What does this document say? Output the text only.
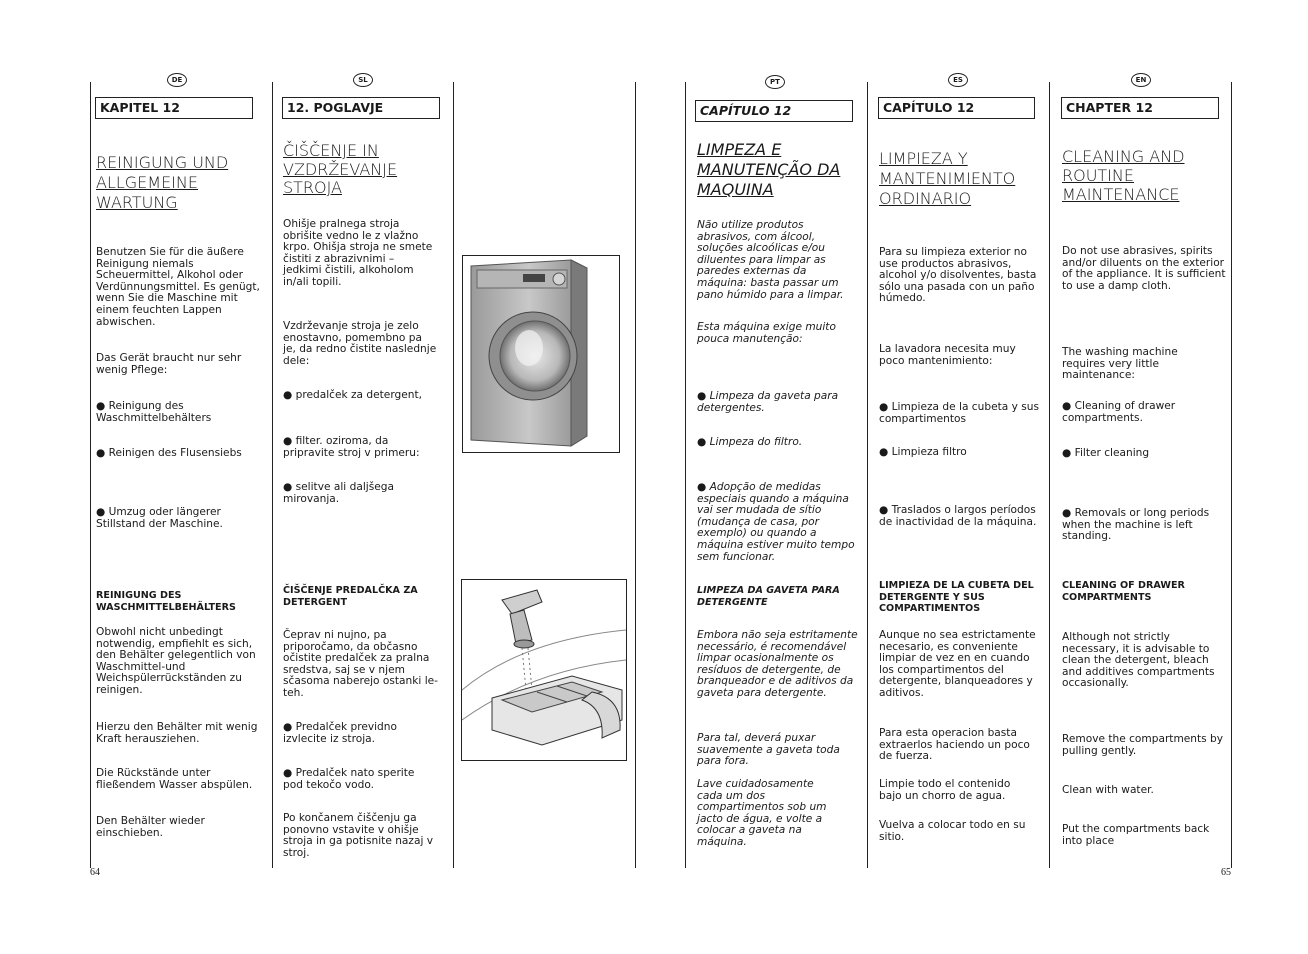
64	65
DE
KAPITEL 12
REINIGUNG UND ALLGEMEINE WARTUNG
Benutzen Sie für die äußere Reinigung niemals Scheuermittel, Alkohol oder Verdünnungsmittel. Es genügt, wenn Sie die Maschine mit einem feuchten Lappen abwischen.
Das Gerät braucht nur sehr wenig Pflege:
● Reinigung des Waschmittelbehälters
● Reinigen des Flusensiebs
● Umzug oder längerer Stillstand der Maschine.
REINIGUNG DES WASCHMITTELBEHÄLTERS
Obwohl nicht unbedingt notwendig, empfiehlt es sich, den Behälter gelegentlich von Waschmittel-und Weichspülerrückständen zu reinigen.
Hierzu den Behälter mit wenig Kraft herausziehen.
Die Rückstände unter fließendem Wasser abspülen.
Den Behälter wieder einschieben.
SL
12. POGLAVJE
ČIŠČENJE IN VZDRŽEVANJE STROJA
Ohišje pralnega stroja obrišite vedno le z vlažno krpo. Ohišja stroja ne smete čistiti z abrazivnimi – jedkimi čistili, alkoholom in/ali topili.
Vzdrževanje stroja je zelo enostavno, pomembno pa je, da redno čistite naslednje dele:
● predalček za detergent,
● filter. oziroma, da pripravite stroj v primeru:
● selitve ali daljšega mirovanja.
ČIŠČENJE PREDALČKA ZA DETERGENT
Čeprav ni nujno, pa priporočamo, da občasno očistite predalček za pralna sredstva, saj se v njem sčasoma naberejo ostanki le-teh.
● Predalček previdno izvlecite iz stroja.
● Predalček nato sperite pod tekočo vodo.
Po končanem čiščenju ga ponovno vstavite v ohišje stroja in ga potisnite nazaj v stroj.
PT
CAPÍTULO 12
LIMPEZA E MANUTENÇÃO DA MAQUINA
Não utilize produtos abrasivos, com álcool, soluções alcoólicas e/ou diluentes para limpar as paredes externas da máquina: basta passar um pano húmido para a limpar.
Esta máquina exige muito pouca manutenção:
● Limpeza da gaveta para detergentes.
● Limpeza do filtro.
● Adopção de medidas especiais quando a máquina vai ser mudada de sítio (mudança de casa, por exemplo) ou quando a máquina estiver muito tempo sem funcionar.
LIMPEZA DA GAVETA PARA DETERGENTE
Embora não seja estritamente necessário, é recomendável limpar ocasionalmente os resíduos de detergente, de branqueador e de aditivos da gaveta para detergente.
Para tal, deverá puxar suavemente a gaveta toda para fora.
Lave cuidadosamente cada um dos compartimentos sob um jacto de água, e volte a colocar a gaveta na máquina.
ES
CAPÍTULO 12
LIMPIEZA Y MANTENIMIENTO ORDINARIO
Para su limpieza exterior no use productos abrasivos, alcohol y/o disolventes, basta sólo una pasada con un paño húmedo.
La lavadora necesita muy poco mantenimiento:
● Limpieza de la cubeta y sus compartimentos
● Limpieza filtro
● Traslados o largos períodos de inactividad de la máquina.
LIMPIEZA DE LA CUBETA DEL DETERGENTE Y SUS COMPARTIMENTOS
Aunque no sea estrictamente necesario, es conveniente limpiar de vez en en cuando los compartimentos del detergente, blanqueadores y aditivos.
Para esta operacion basta extraerlos haciendo un poco de fuerza.
Limpie todo el contenido bajo un chorro de agua.
Vuelva a colocar todo en su sitio.
EN
CHAPTER 12
CLEANING AND ROUTINE MAINTENANCE
Do not use abrasives, spirits and/or diluents on the exterior of the appliance. It is sufficient to use a damp cloth.
The washing machine requires very little maintenance:
● Cleaning of drawer compartments.
● Filter cleaning
● Removals or long periods when the machine is left standing.
CLEANING OF DRAWER COMPARTMENTS
Although not strictly necessary, it is advisable to clean the detergent, bleach and additives compartments occasionally.
Remove the compartments by pulling gently.
Clean with water.
Put the compartments back into place
